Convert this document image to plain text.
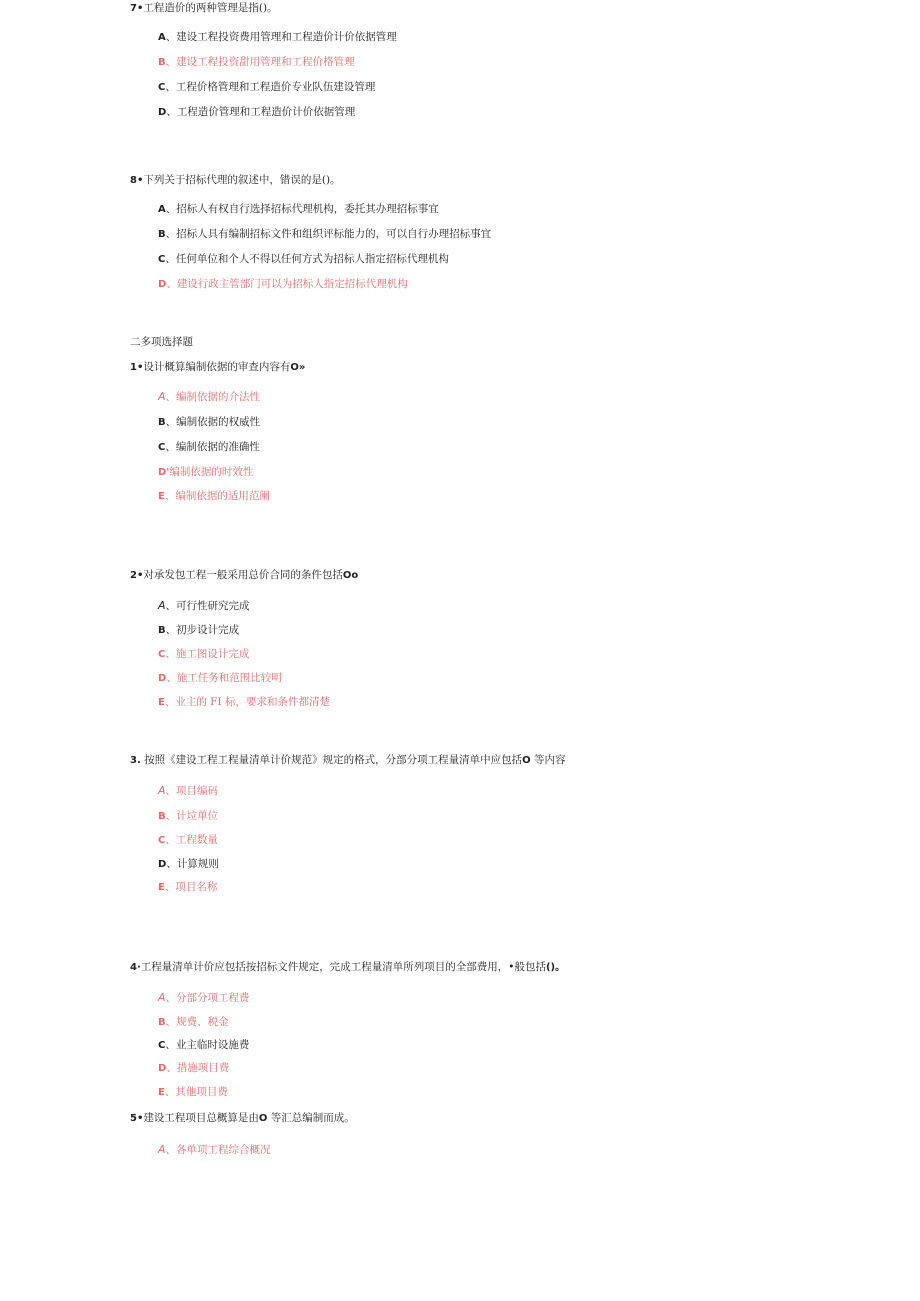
7•工程造价的两种管理是指()。
A、建设工程投资费用管理和工程造价计价依据管理
B、建设工程投资甜用管理和工程价格管理
C、工程价格管理和工程造价专业队伍建设管理
D、工程造价管理和工程造价计价依据管理
8•下列关于招标代理的叙述中，错误的是()。
A、招标人有权自行选择招标代理机构，委托其办理招标事宜
B、招标人具有编制招标文件和组织评标能力的，可以自行办理招标事宜
C、任何单位和个人不得以任何方式为招标人指定招标代理机构
D、建设行政主管部门可以为招标人指定招标代理机构
二多项选择题
1•设计概算编制依据的审查内容有O»
A、编制依据的介法性
B、编制依据的权威性
C、编制依据的准确性
D'编制依据的时效性
E、编制依据的适用范阑
2•对承发包工程一般采用总价合同的条件包括Oo
A、可行性研究完成
B、初步设计完成
C、施工图设计完成
D、施工任务和范围比较明
E、业主的 FI 标，要求和条件都清楚
3. 按照《建设工程工程量清单计价规范》规定的格式，分部分项工程量清单中应包括O 等内容
A、项目编码
B、计垃单位
C、工程数量
D、计算规则
E、项目名称
4·工程量清单计价应包括按招标文件规定，完成工程量清单所列项目的全部费用，•般包括()。
A、分部分项工程费
B、规费、税金
C、业主临时设施费
D、措施项目费
E、其他项目费
5•建设工程项目总概算是由O 等汇总编制而成。
A、各单项工程综合概况
